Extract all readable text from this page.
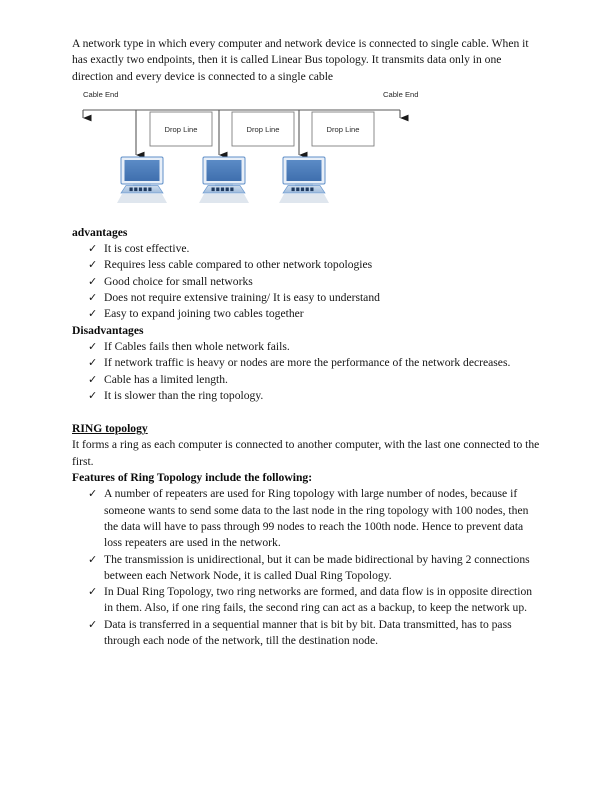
A network type in which every computer and network device is connected to single cable. When it has exactly two endpoints, then it is called Linear Bus topology. It transmits data only in one direction and every device is connected to a single cable

Cable End	Cable End
Drop Line	Drop Line	Drop Line

advantages

✓ It is cost effective.
✓ Requires less cable compared to other network topologies
✓ Good choice for small networks
✓ Does not require extensive training/ It is easy to understand
✓ Easy to expand joining two cables together

Disadvantages

✓ If Cables fails then whole network fails.
✓ If network traffic is heavy or nodes are more the performance of the network decreases.
✓ Cable has a limited length.
✓ It is slower than the ring topology.

RING topology

It forms a ring as each computer is connected to another computer, with the last one connected to the first.

Features of Ring Topology include the following:

✓ A number of repeaters are used for Ring topology with large number of nodes, because if someone wants to send some data to the last node in the ring topology with 100 nodes, then the data will have to pass through 99 nodes to reach the 100th node. Hence to prevent data loss repeaters are used in the network.
✓ The transmission is unidirectional, but it can be made bidirectional by having 2 connections between each Network Node, it is called Dual Ring Topology.
✓ In Dual Ring Topology, two ring networks are formed, and data flow is in opposite direction in them. Also, if one ring fails, the second ring can act as a backup, to keep the network up.
✓ Data is transferred in a sequential manner that is bit by bit. Data transmitted, has to pass through each node of the network, till the destination node.
